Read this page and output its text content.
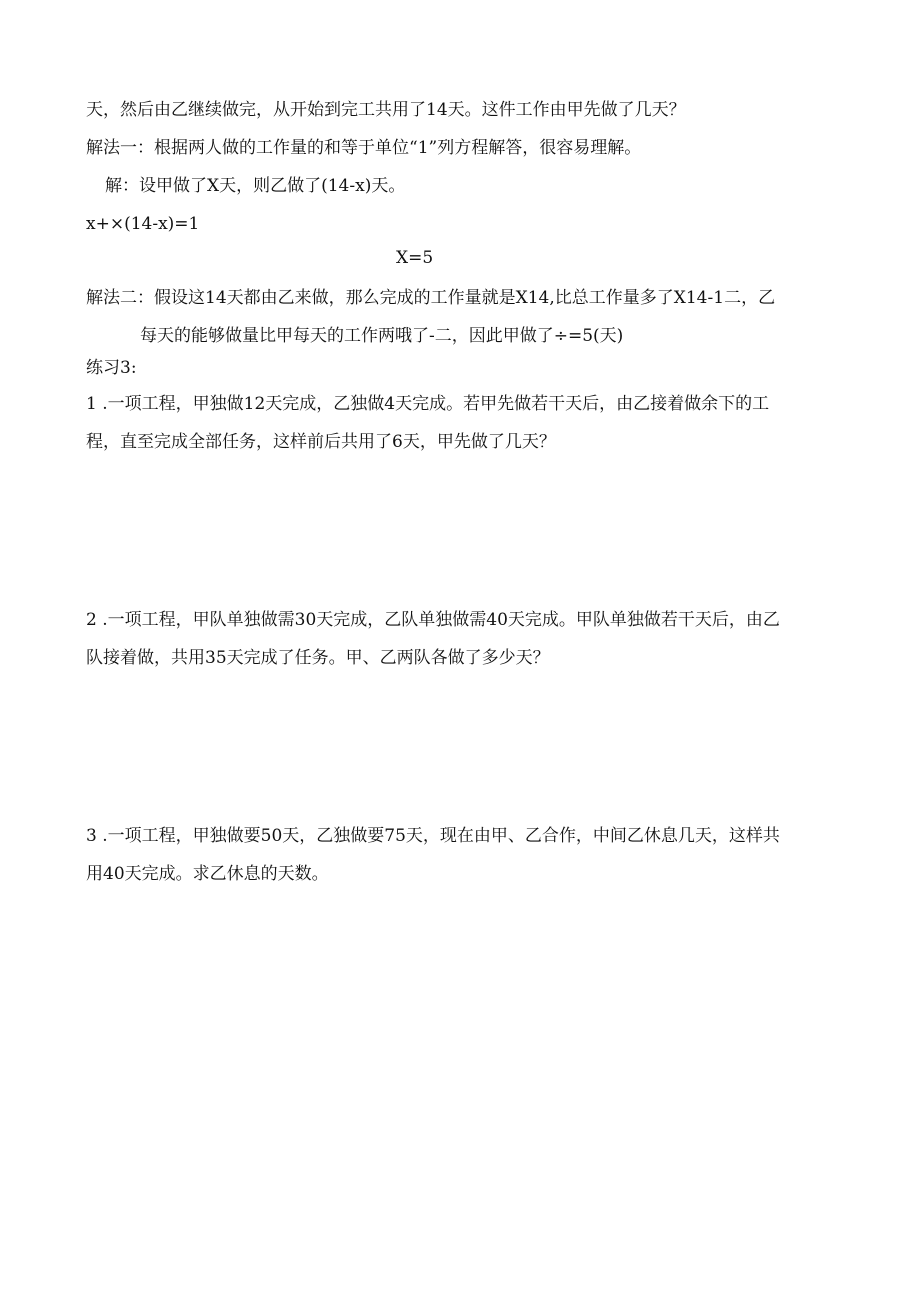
天，然后由乙继续做完，从开始到完工共用了14天。这件工作由甲先做了几天？
解法一：根据两人做的工作量的和等于单位“1”列方程解答，很容易理解。
解：设甲做了X天，则乙做了(14-x)天。
x+×(14-x)=1
X=5
解法二：假设这14天都由乙来做，那么完成的工作量就是X14,比总工作量多了X14-1二，乙
每天的能够做量比甲每天的工作两哦了-二，因此甲做了÷=5(天)
练习3:
1 .一项工程，甲独做12天完成，乙独做4天完成。若甲先做若干天后，由乙接着做余下的工
程，直至完成全部任务，这样前后共用了6天，甲先做了几天？
2 .一项工程，甲队单独做需30天完成，乙队单独做需40天完成。甲队单独做若干天后，由乙
队接着做，共用35天完成了任务。甲、乙两队各做了多少天？
3 .一项工程，甲独做要50天，乙独做要75天，现在由甲、乙合作，中间乙休息几天，这样共
用40天完成。求乙休息的天数。
